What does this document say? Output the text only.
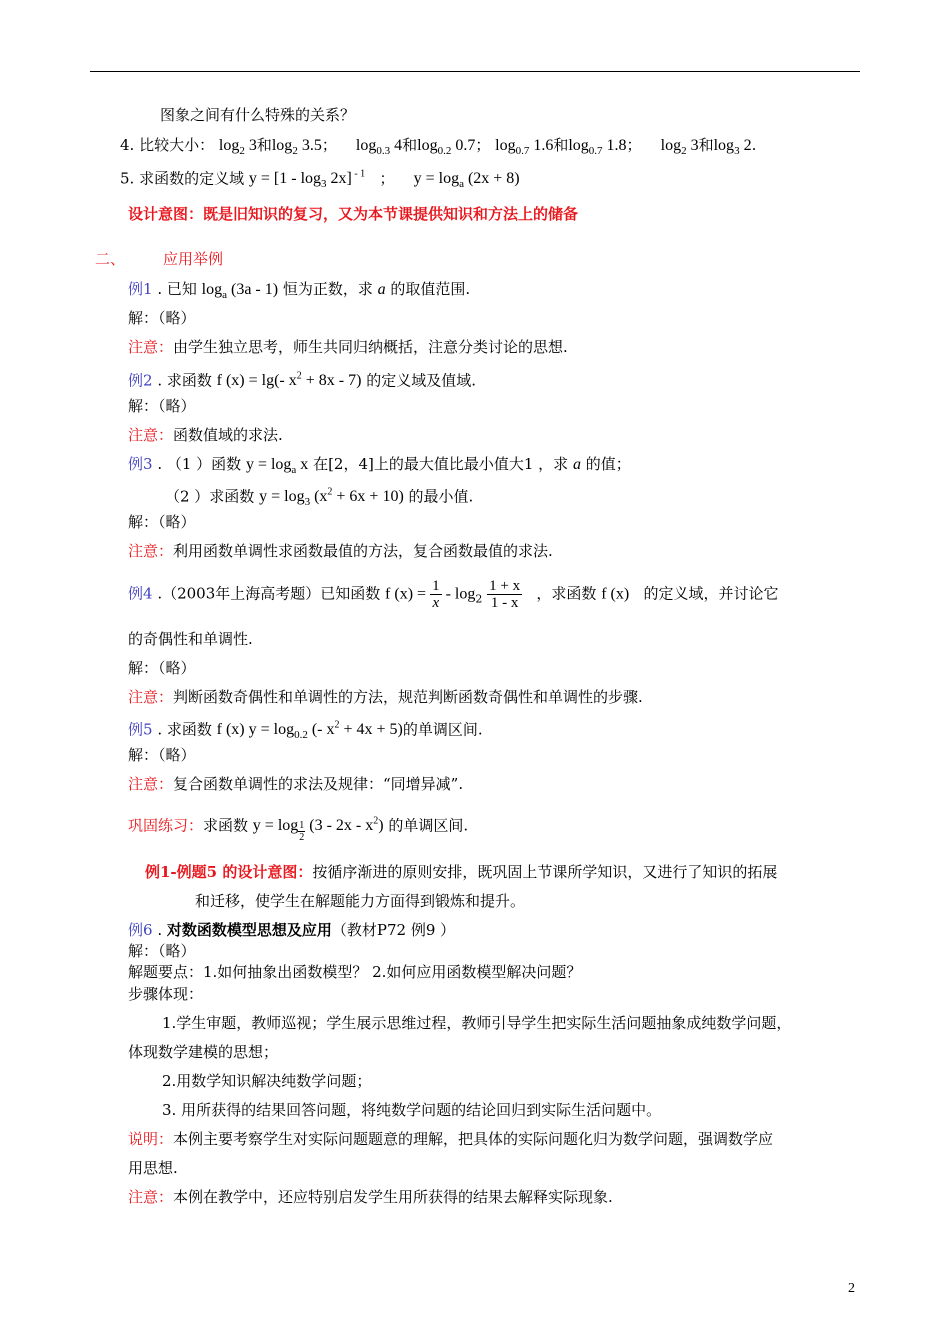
图象之间有什么特殊的关系？
4. 比较大小： $\log_2 3$和$\log_2 3.5$； $\log_{0.3} 4$和$\log_{0.2} 0.7$； $\log_{0.7} 1.6$和$\log_{0.7} 1.8$； $\log_2 3$和$\log_3 2$.
5. 求函数的定义域 $y = [1 - \log_3 2x]$ $^{- 1}$ ； $y = \log_a (2x + 8)$
设计意图：既是旧知识的复习，又为本节课提供知识和方法上的储备
二、	应用举例
例1 . 已知 $\log_a (3a - 1)$ 恒为正数，求 a 的取值范围.
解：（略）
注意：由学生独立思考，师生共同归纳概括，注意分类讨论的思想.
例2 . 求函数 f (x) = lg(- $x^2 + 8x - 7$) 的定义域及值域.
解：（略）
注意：函数值域的求法.
例3 . （1 ）函数 $y = \log_a x$ 在[2，4]上的最大值比最小值大1 ，求 a 的值；
（2 ）求函数 $y = \log_3 (x^2 + 6x + 10)$ 的最小值.
解：（略）
注意：利用函数单调性求函数最值的方法，复合函数最值的求法.
例4 .（2003年上海高考题）已知函数 f $(x) = \frac{1}{x} - \log_2 \frac{1 + x}{1 - x}$ ，求函数 f (x) 的定义域，并讨论它
的奇偶性和单调性.
解：（略）
注意：判断函数奇偶性和单调性的方法，规范判断函数奇偶性和单调性的步骤.
例5 . 求函数 f (x) $y = \log_{0.2}$ (- $x^2 + 4x + 5$)的单调区间.
解：（略）
注意：复合函数单调性的求法及规律：“同增异减”.
巩固练习：求函数 $y = \log \frac{1}{2} (3 - 2x - x^2)$ 的单调区间.
例1-例题5 的设计意图：按循序渐进的原则安排，既巩固上节课所学知识，又进行了知识的拓展
和迁移，使学生在解题能力方面得到锻炼和提升。
例6 . 对数函数模型思想及应用（教材P72 例9 ）
解：（略）
解题要点：1.如何抽象出函数模型？ 2.如何应用函数模型解决问题？
步骤体现：
1.学生审题，教师巡视；学生展示思维过程，教师引导学生把实际生活问题抽象成纯数学问题，
体现数学建模的思想；
2.用数学知识解决纯数学问题；
3. 用所获得的结果回答问题，将纯数学问题的结论回归到实际生活问题中。
说明：本例主要考察学生对实际问题题意的理解，把具体的实际问题化归为数学问题，强调数学应
用思想.
注意：本例在教学中，还应特别启发学生用所获得的结果去解释实际现象.
2
